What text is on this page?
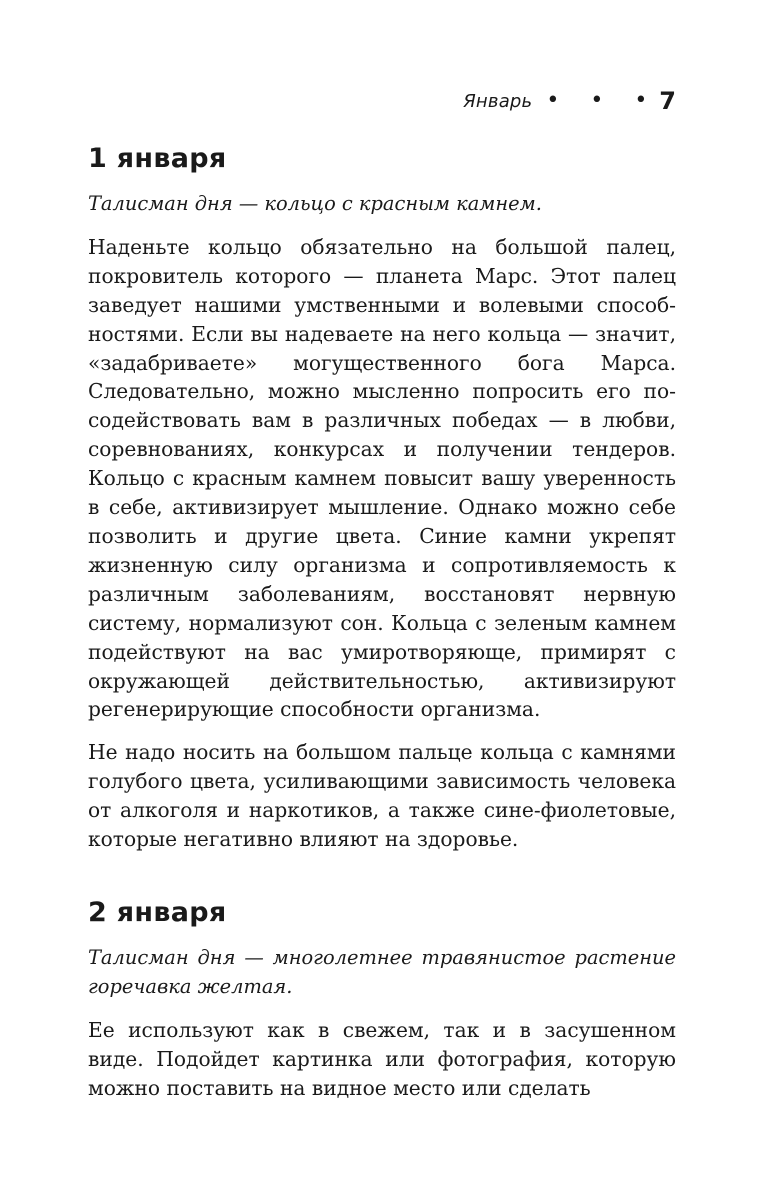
Январь • • • 7
1 января

Талисман дня — кольцо с красным камнем.

Наденьте кольцо обязательно на большой палец, покровитель которого — планета Марс. Этот палец заведует нашими умственными и волевыми способностями. Если вы надеваете на него кольца — значит, «задабриваете» могущественного бога Марса. Следовательно, можно мысленно попросить его посодействовать вам в различных победах — в любви, соревнованиях, конкурсах и получении тендеров. Кольцо с красным камнем повысит вашу уверенность в себе, активизирует мышление. Однако можно себе позволить и другие цвета. Синие камни укрепят жизненную силу организма и сопротивляемость к различным заболеваниям, восстановят нервную систему, нормализуют сон. Кольца с зеленым камнем подействуют на вас умиротворяюще, примирят с окружающей действительностью, активизируют регенерирующие способности организма.

Не надо носить на большом пальце кольца с камнями голубого цвета, усиливающими зависимость человека от алкоголя и наркотиков, а также сине-фиолетовые, которые негативно влияют на здоровье.

2 января

Талисман дня — многолетнее травянистое растение горечавка желтая.

Ее используют как в свежем, так и в засушенном виде. Подойдет картинка или фотография, которую можно поставить на видное место или сделать
